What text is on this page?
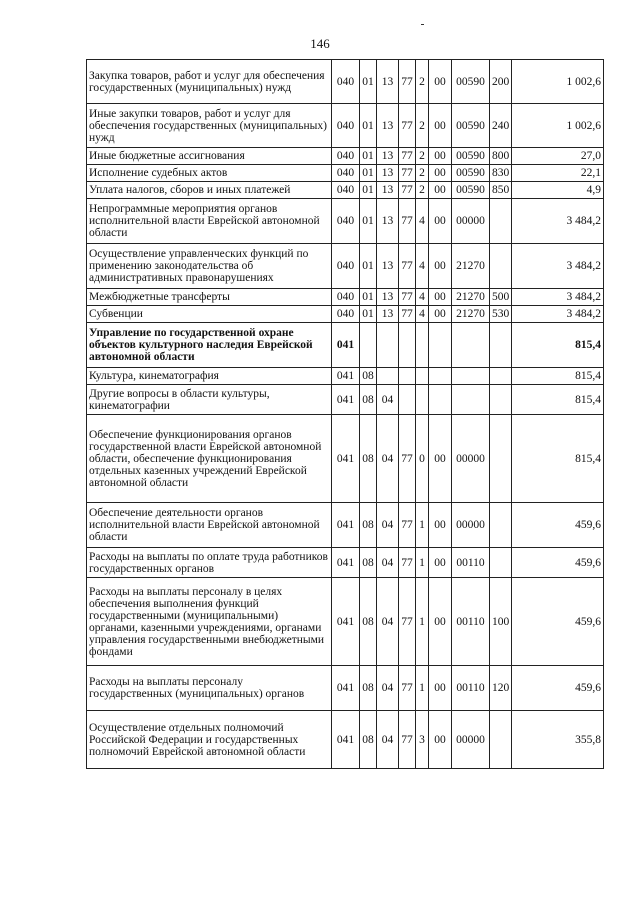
146
Закупка товаров, работ и услуг для обеспечения государственных (муниципальных) нужд	040	01	13	77	2	00	00590	200	1 002,6
Иные закупки товаров, работ и услуг для обеспечения государственных (муниципальных) нужд	040	01	13	77	2	00	00590	240	1 002,6
Иные бюджетные ассигнования	040	01	13	77	2	00	00590	800	27,0
Исполнение судебных актов	040	01	13	77	2	00	00590	830	22,1
Уплата налогов, сборов и иных платежей	040	01	13	77	2	00	00590	850	4,9
Непрограммные мероприятия органов исполнительной власти Еврейской автономной области	040	01	13	77	4	00	00000		3 484,2
Осуществление управленческих функций по применению законодательства об административных правонарушениях	040	01	13	77	4	00	21270		3 484,2
Межбюджетные трансферты	040	01	13	77	4	00	21270	500	3 484,2
Субвенции	040	01	13	77	4	00	21270	530	3 484,2
Управление по государственной охране объектов культурного наследия Еврейской автономной области	041								815,4
Культура, кинематография	041	08							815,4
Другие вопросы в области культуры, кинематографии	041	08	04						815,4
Обеспечение функционирования органов государственной власти Еврейской автономной области, обеспечение функционирования отдельных казенных учреждений Еврейской автономной области	041	08	04	77	0	00	00000		815,4
Обеспечение деятельности органов исполнительной власти Еврейской автономной области	041	08	04	77	1	00	00000		459,6
Расходы на выплаты по оплате труда работников государственных органов	041	08	04	77	1	00	00110		459,6
Расходы на выплаты персоналу в целях обеспечения выполнения функций государственными (муниципальными) органами, казенными учреждениями, органами управления государственными внебюджетными фондами	041	08	04	77	1	00	00110	100	459,6
Расходы на выплаты персоналу государственных (муниципальных) органов	041	08	04	77	1	00	00110	120	459,6
Осуществление отдельных полномочий Российской Федерации и государственных полномочий Еврейской автономной области	041	08	04	77	3	00	00000		355,8
